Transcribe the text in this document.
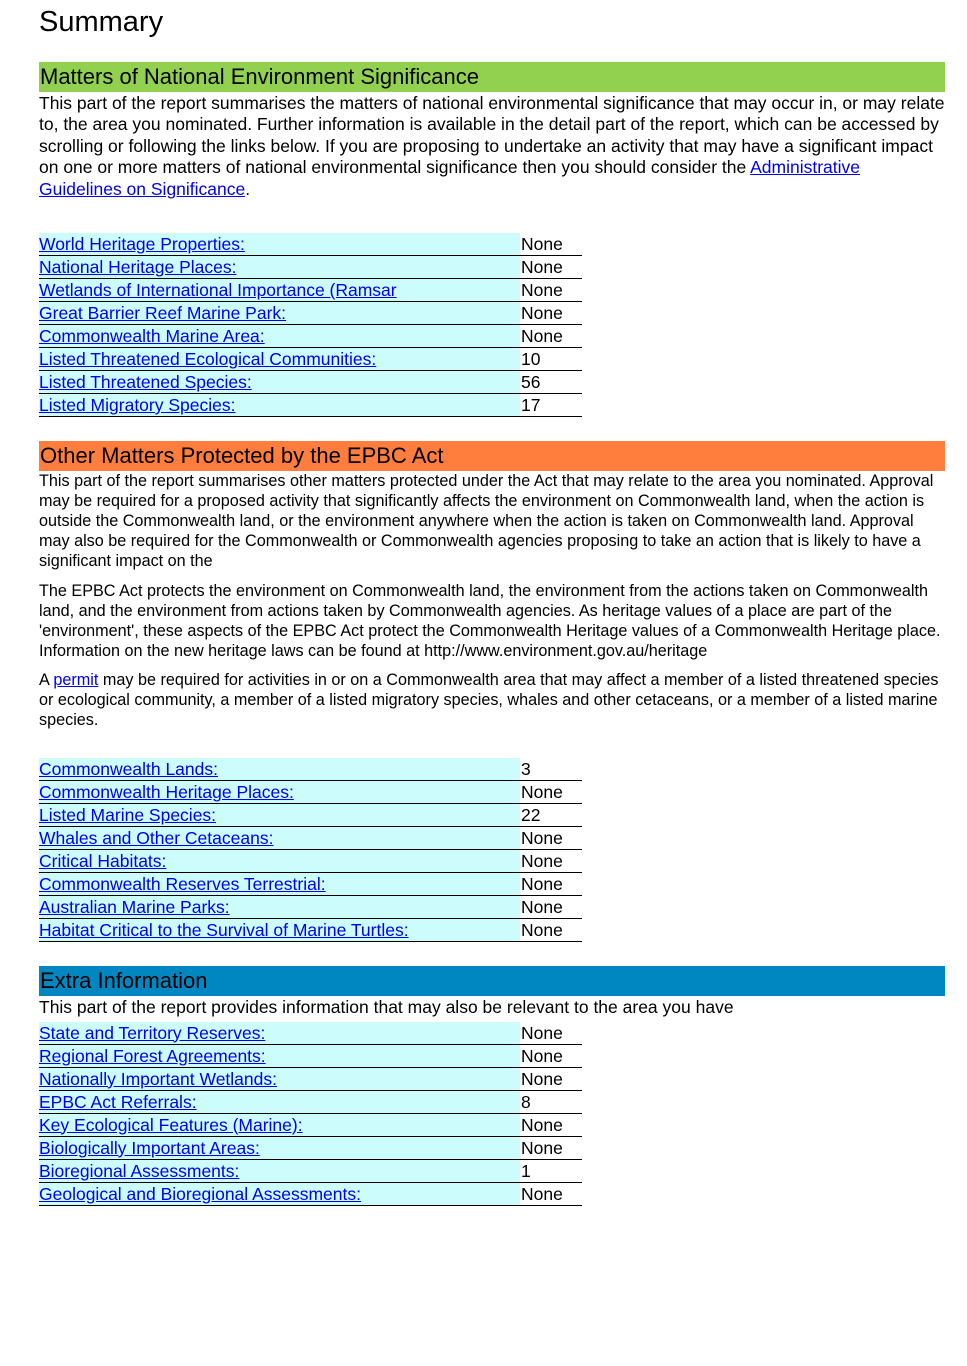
Summary
Matters of National Environment Significance

This part of the report summarises the matters of national environmental significance that may occur in, or may relate to, the area you nominated. Further information is available in the detail part of the report, which can be accessed by scrolling or following the links below. If you are proposing to undertake an activity that may have a significant impact on one or more matters of national environmental significance then you should consider the Administrative Guidelines on Significance.

World Heritage Properties:	None
National Heritage Places:	None
Wetlands of International Importance (Ramsar	None
Great Barrier Reef Marine Park:	None
Commonwealth Marine Area:	None
Listed Threatened Ecological Communities:	10
Listed Threatened Species:	56
Listed Migratory Species:	17
Other Matters Protected by the EPBC Act

This part of the report summarises other matters protected under the Act that may relate to the area you nominated. Approval may be required for a proposed activity that significantly affects the environment on Commonwealth land, when the action is outside the Commonwealth land, or the environment anywhere when the action is taken on Commonwealth land. Approval may also be required for the Commonwealth or Commonwealth agencies proposing to take an action that is likely to have a significant impact on the

The EPBC Act protects the environment on Commonwealth land, the environment from the actions taken on Commonwealth land, and the environment from actions taken by Commonwealth agencies. As heritage values of a place are part of the 'environment', these aspects of the EPBC Act protect the Commonwealth Heritage values of a Commonwealth Heritage place. Information on the new heritage laws can be found at http://www.environment.gov.au/heritage

A permit may be required for activities in or on a Commonwealth area that may affect a member of a listed threatened species or ecological community, a member of a listed migratory species, whales and other cetaceans, or a member of a listed marine species.

Commonwealth Lands:	3
Commonwealth Heritage Places:	None
Listed Marine Species:	22
Whales and Other Cetaceans:	None
Critical Habitats:	None
Commonwealth Reserves Terrestrial:	None
Australian Marine Parks:	None
Habitat Critical to the Survival of Marine Turtles:	None
Extra Information

This part of the report provides information that may also be relevant to the area you have

State and Territory Reserves:	None
Regional Forest Agreements:	None
Nationally Important Wetlands:	None
EPBC Act Referrals:	8
Key Ecological Features (Marine):	None
Biologically Important Areas:	None
Bioregional Assessments:	1
Geological and Bioregional Assessments:	None
